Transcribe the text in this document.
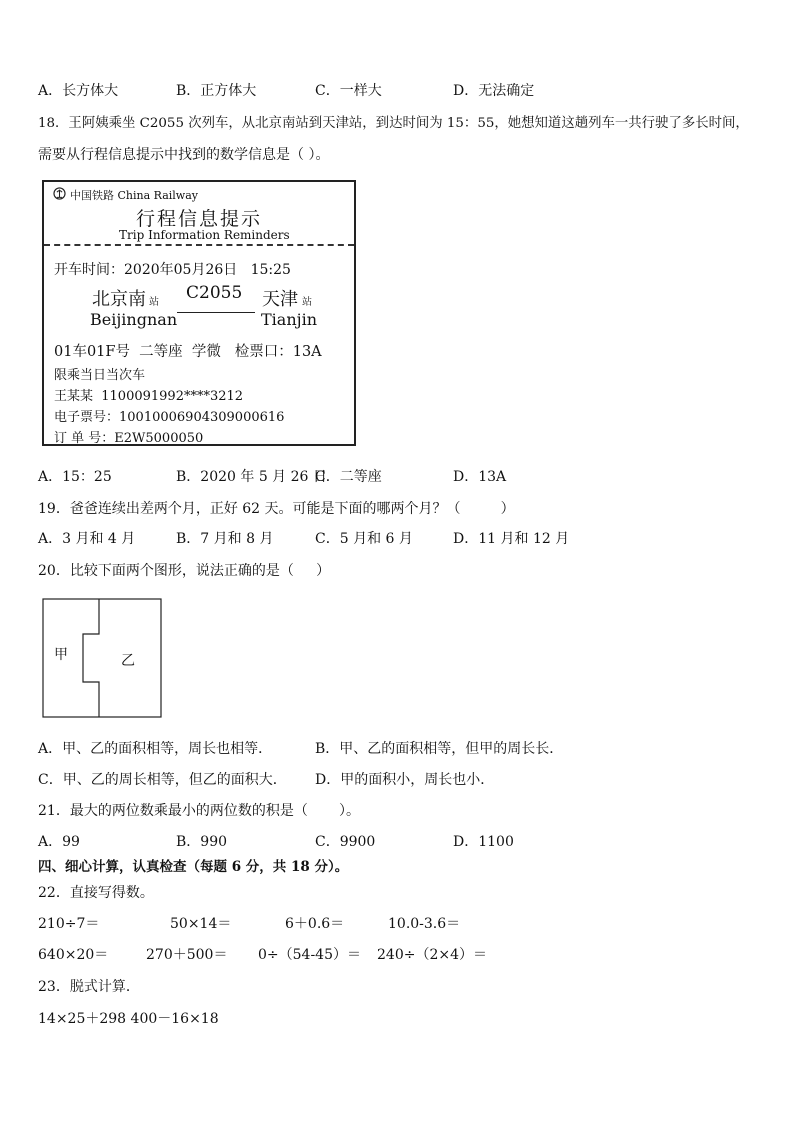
A．长方体大	B．正方体大	C．一样大	D．无法确定
18．王阿姨乘坐 C2055 次列车，从北京南站到天津站，到达时间为 15：55，她想知道这趟列车一共行驶了多长时间，
需要从行程信息提示中找到的数学信息是（ ）。
中国铁路 China Railway
行程信息提示
Trip Information Reminders
开车时间：2020年05月26日   15:25
北京南 站 C2055 天津 站
Beijingnan	Tianjin
01车01F号  二等座  学微   检票口：13A
限乘当日当次车
王某某  1100091992****3212
电子票号：1001000690430900061​6
订 单 号：E2W5000050
A．15：25	B．2020 年 5 月 26 日
C．二等座	D．13A
19．爸爸连续出差两个月，正好 62 天。可能是下面的哪两个月？（         ）
A．3 月和 4 月	B．7 月和 8 月	C．5 月和 6 月	D．11 月和 12 月
20．比较下面两个图形，说法正确的是（     ）
甲	乙
A．甲、乙的面积相等，周长也相等．	B．甲、乙的面积相等，但甲的周长长．
C．甲、乙的周长相等，但乙的面积大． D．甲的面积小，周长也小．
21．最大的两位数乘最小的两位数的积是（       ）。
A．99	B．990	C．9900	D．1100
四、细心计算，认真检查（每题 6 分，共 18 分）。
22．直接写得数。
210÷7＝	50×14＝	6＋0.6＝	10.0-3.6＝
640×20＝	270＋500＝ 0÷（54-45）＝ 240÷（2×4）＝
23．脱式计算．
14×25＋298 400－16×18
